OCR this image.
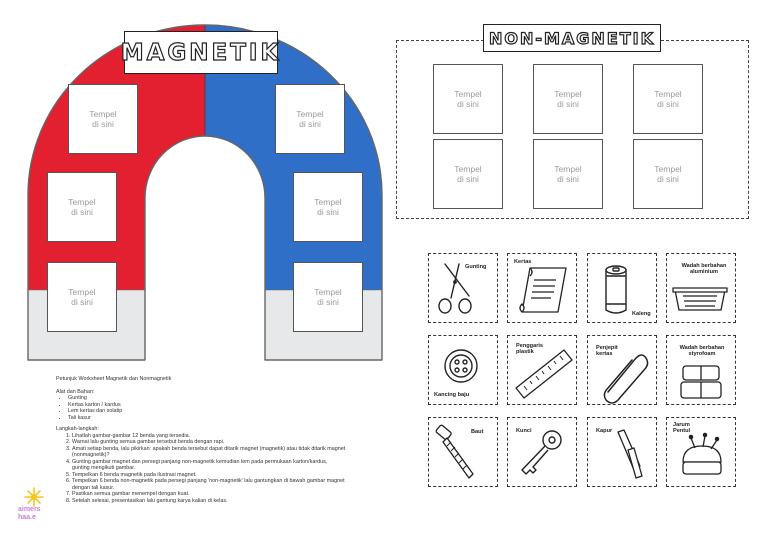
MAGNETIK
Tempel
di sini
Tempel
di sini
Tempel
di sini
Tempel
di sini
Tempel
di sini
Tempel
di sini
NON-MAGNETIK
Tempel
di sini
Tempel
di sini
Tempel
di sini
Tempel
di sini
Tempel
di sini
Tempel
di sini
Gunting
Kertas
Kaleng
Wadah berbahan
aluminium
Kancing baju
Penggaris
plastik
Penjepit
kertas
Wadah berbahan
styrofoam
Baut	Kunci	Kapur
Jarum
Pentul

Petunjuk Worksheet Magnetik dan Nonmagnetik

Alat dan Bahan:

• Gunting
• Kertas karton / kardus
• Lem kertas dan solatip
• Tali kasur

Langkah-langkah:

1. Lihatlah gambar-gambar 12 benda yang tersedia.
2. Warnai lalu gunting semua gambar tersebut benda dengan rapi.
3. Amati setiap benda, lalu pikirkan: apakah benda tersebut dapat ditarik magnet (magnetik) atau tidak ditarik magnet (nonmagnetik)?
4. Gunting gambar magnet dan persegi panjang non-magnetik kemudian lem pada permukaan karton/kardus, gunting mengikuti gambar.
5. Tempelkan 6 benda magnetik pada ilustrasi magnet.
6. Tempelkan 6 benda non-magnetik pada persegi panjang 'non-magnetik' lalu gantungkan di bawah gambar magnet dengan tali kasur.
7. Pastikan semua gambar menempel dengan kuat.
8. Setelah selesai, presentasikan lalu gantung karya kalian di kelas.
aimers
haa.e
